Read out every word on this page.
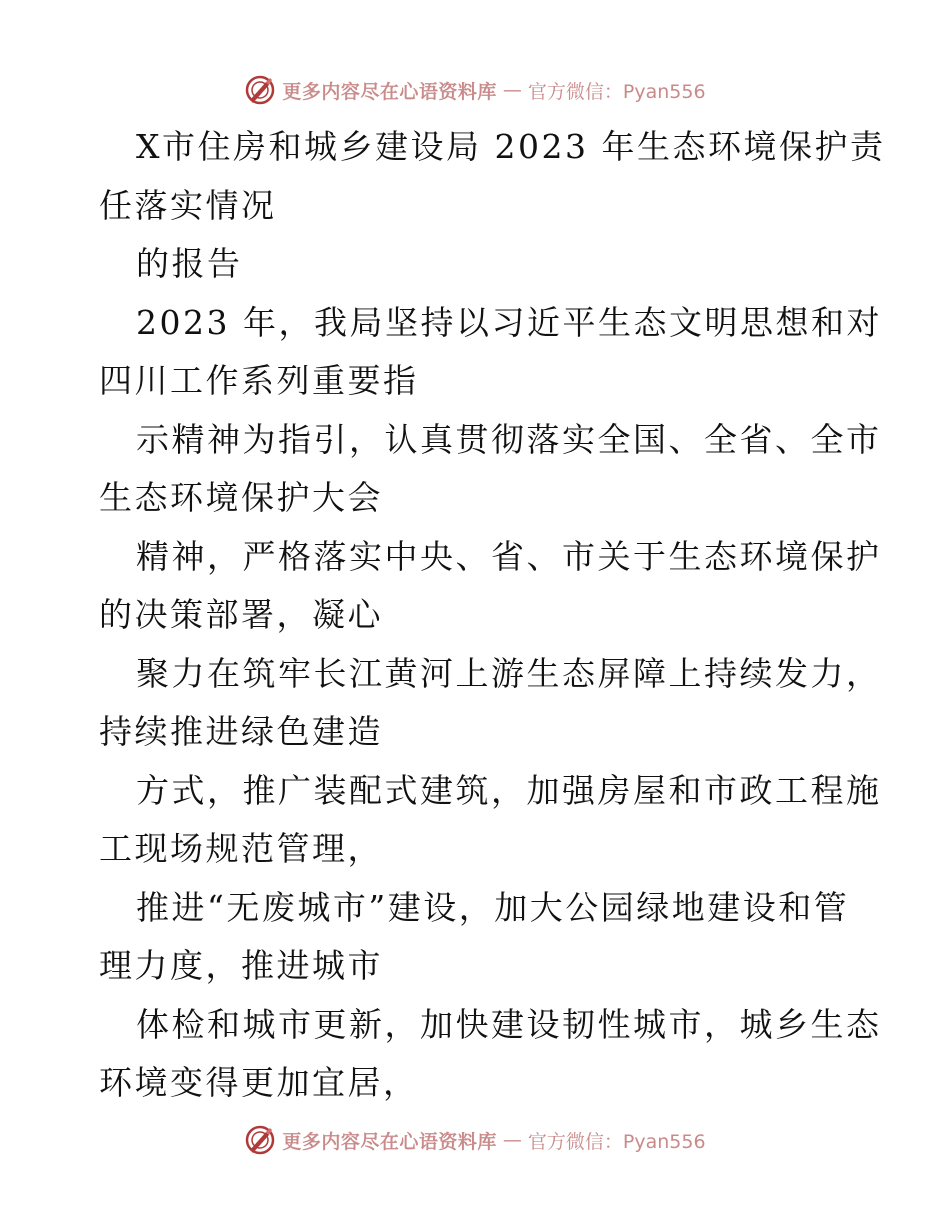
更多内容尽在心语资料库 — 官方微信：Pyan556
X市住房和城乡建设局 2023 年生态环境保护责
任落实情况
的报告
2023 年，我局坚持以习近平生态文明思想和对
四川工作系列重要指
示精神为指引，认真贯彻落实全国、全省、全市
生态环境保护大会
精神，严格落实中央、省、市关于生态环境保护
的决策部署，凝心
聚力在筑牢长江黄河上游生态屏障上持续发力，
持续推进绿色建造
方式，推广装配式建筑，加强房屋和市政工程施
工现场规范管理，
推进“无废城市”建设，加大公园绿地建设和管
理力度，推进城市
体检和城市更新，加快建设韧性城市，城乡生态
环境变得更加宜居，
更多内容尽在心语资料库 — 官方微信：Pyan556
